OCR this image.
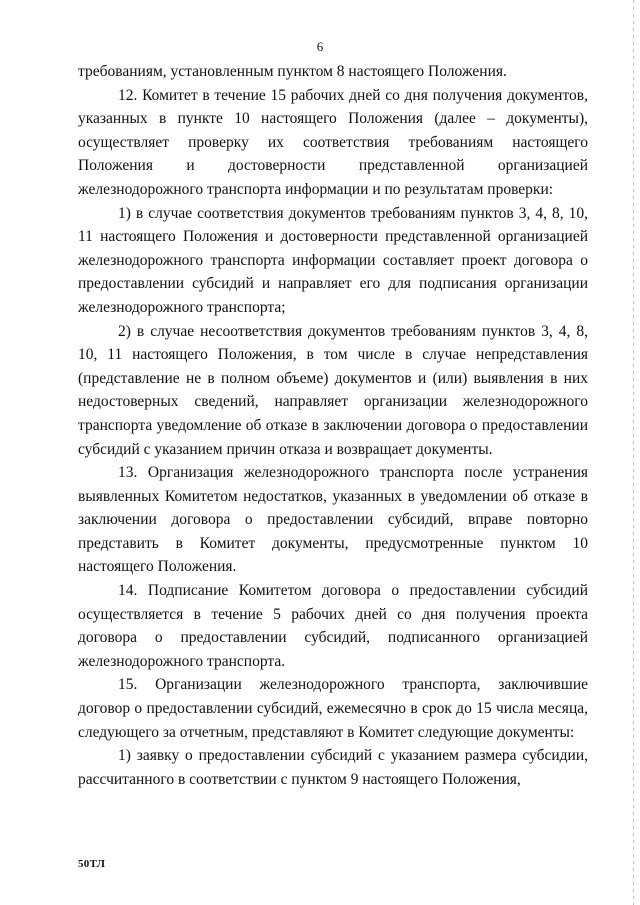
6

требованиям, установленным пунктом 8 настоящего Положения.

12. Комитет в течение 15 рабочих дней со дня получения документов, указанных в пункте 10 настоящего Положения (далее – документы), осуществляет проверку их соответствия требованиям настоящего Положения и достоверности представленной организацией железнодорожного транспорта информации и по результатам проверки:

1) в случае соответствия документов требованиям пунктов 3, 4, 8, 10, 11 настоящего Положения и достоверности представленной организацией железнодорожного транспорта информации составляет проект договора о предоставлении субсидий и направляет его для подписания организации железнодорожного транспорта;

2) в случае несоответствия документов требованиям пунктов 3, 4, 8, 10, 11 настоящего Положения, в том числе в случае непредставления (представление не в полном объеме) документов и (или) выявления в них недостоверных сведений, направляет организации железнодорожного транспорта уведомление об отказе в заключении договора о предоставлении субсидий с указанием причин отказа и возвращает документы.

13. Организация железнодорожного транспорта после устранения выявленных Комитетом недостатков, указанных в уведомлении об отказе в заключении договора о предоставлении субсидий, вправе повторно представить в Комитет документы, предусмотренные пунктом 10 настоящего Положения.

14. Подписание Комитетом договора о предоставлении субсидий осуществляется в течение 5 рабочих дней со дня получения проекта договора о предоставлении субсидий, подписанного организацией железнодорожного транспорта.

15. Организации железнодорожного транспорта, заключившие договор о предоставлении субсидий, ежемесячно в срок до 15 числа месяца, следующего за отчетным, представляют в Комитет следующие документы:

1) заявку о предоставлении субсидий с указанием размера субсидии, рассчитанного в соответствии с пунктом 9 настоящего Положения,

50ТЛ
